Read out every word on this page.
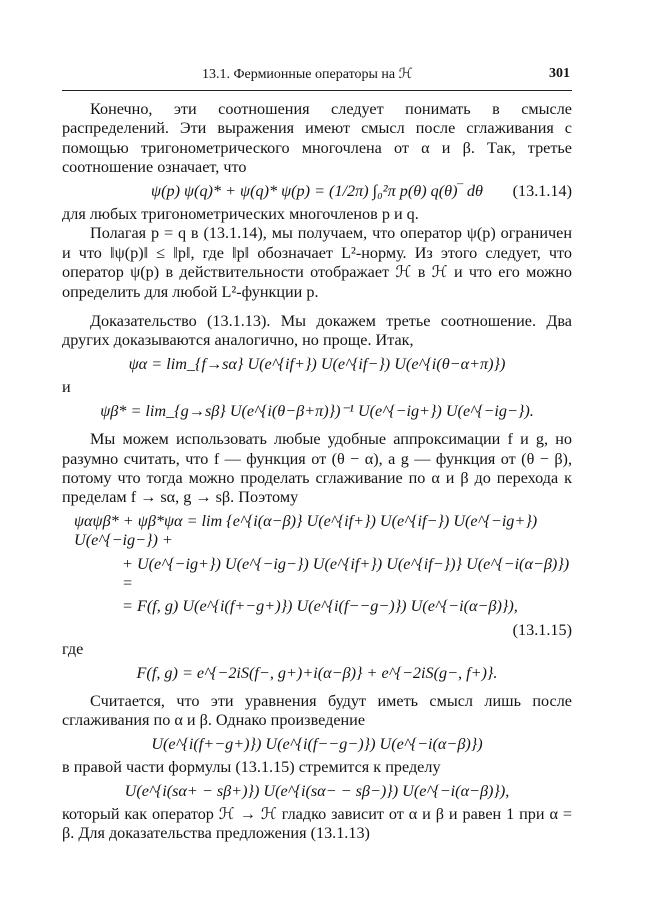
13.1. Фермионные операторы на ℋ	301

Конечно, эти соотношения следует понимать в смысле распределений. Эти выражения имеют смысл после сглаживания с помощью тригонометрического многочлена от α и β. Так, третье соотношение означает, что

ψ(p) ψ(q)* + ψ(q)* ψ(p) = (1/2π) ∫₀²π p(θ) q(θ)‾ dθ (13.1.14)

для любых тригонометрических многочленов p и q.

Полагая p = q в (13.1.14), мы получаем, что оператор ψ(p) ограничен и что ‖ψ(p)‖ ≤ ‖p‖, где ‖p‖ обозначает L²-норму. Из этого следует, что оператор ψ(p) в действительности отображает ℋ в ℋ и что его можно определить для любой L²-функции p.

Доказательство (13.1.13). Мы докажем третье соотношение. Два других доказываются аналогично, но проще. Итак,

ψα = lim_{f→sα} U(e^{if+}) U(e^{if−}) U(e^{i(θ−α+π)})

и

ψβ* = lim_{g→sβ} U(e^{i(θ−β+π)})⁻¹ U(e^{−ig+}) U(e^{−ig−}).

Мы можем использовать любые удобные аппроксимации f и g, но разумно считать, что f — функция от (θ − α), а g — функция от (θ − β), потому что тогда можно проделать сглаживание по α и β до перехода к пределам f → sα, g → sβ. Поэтому

ψαψβ* + ψβ*ψα = lim {e^{i(α−β)} U(e^{if+}) U(e^{if−}) U(e^{−ig+}) U(e^{−ig−}) +
+ U(e^{−ig+}) U(e^{−ig−}) U(e^{if+}) U(e^{if−})} U(e^{−i(α−β)}) =
= F(f, g) U(e^{i(f+−g+)}) U(e^{i(f−−g−)}) U(e^{−i(α−β)}),
(13.1.15)

где

F(f, g) = e^{−2iS(f−, g+)+i(α−β)} + e^{−2iS(g−, f+)}.

Считается, что эти уравнения будут иметь смысл лишь после сглаживания по α и β. Однако произведение

U(e^{i(f+−g+)}) U(e^{i(f−−g−)}) U(e^{−i(α−β)})

в правой части формулы (13.1.15) стремится к пределу

U(e^{i(sα+ − sβ+)}) U(e^{i(sα− − sβ−)}) U(e^{−i(α−β)}),

который как оператор ℋ → ℋ гладко зависит от α и β и равен 1 при α = β. Для доказательства предложения (13.1.13)
